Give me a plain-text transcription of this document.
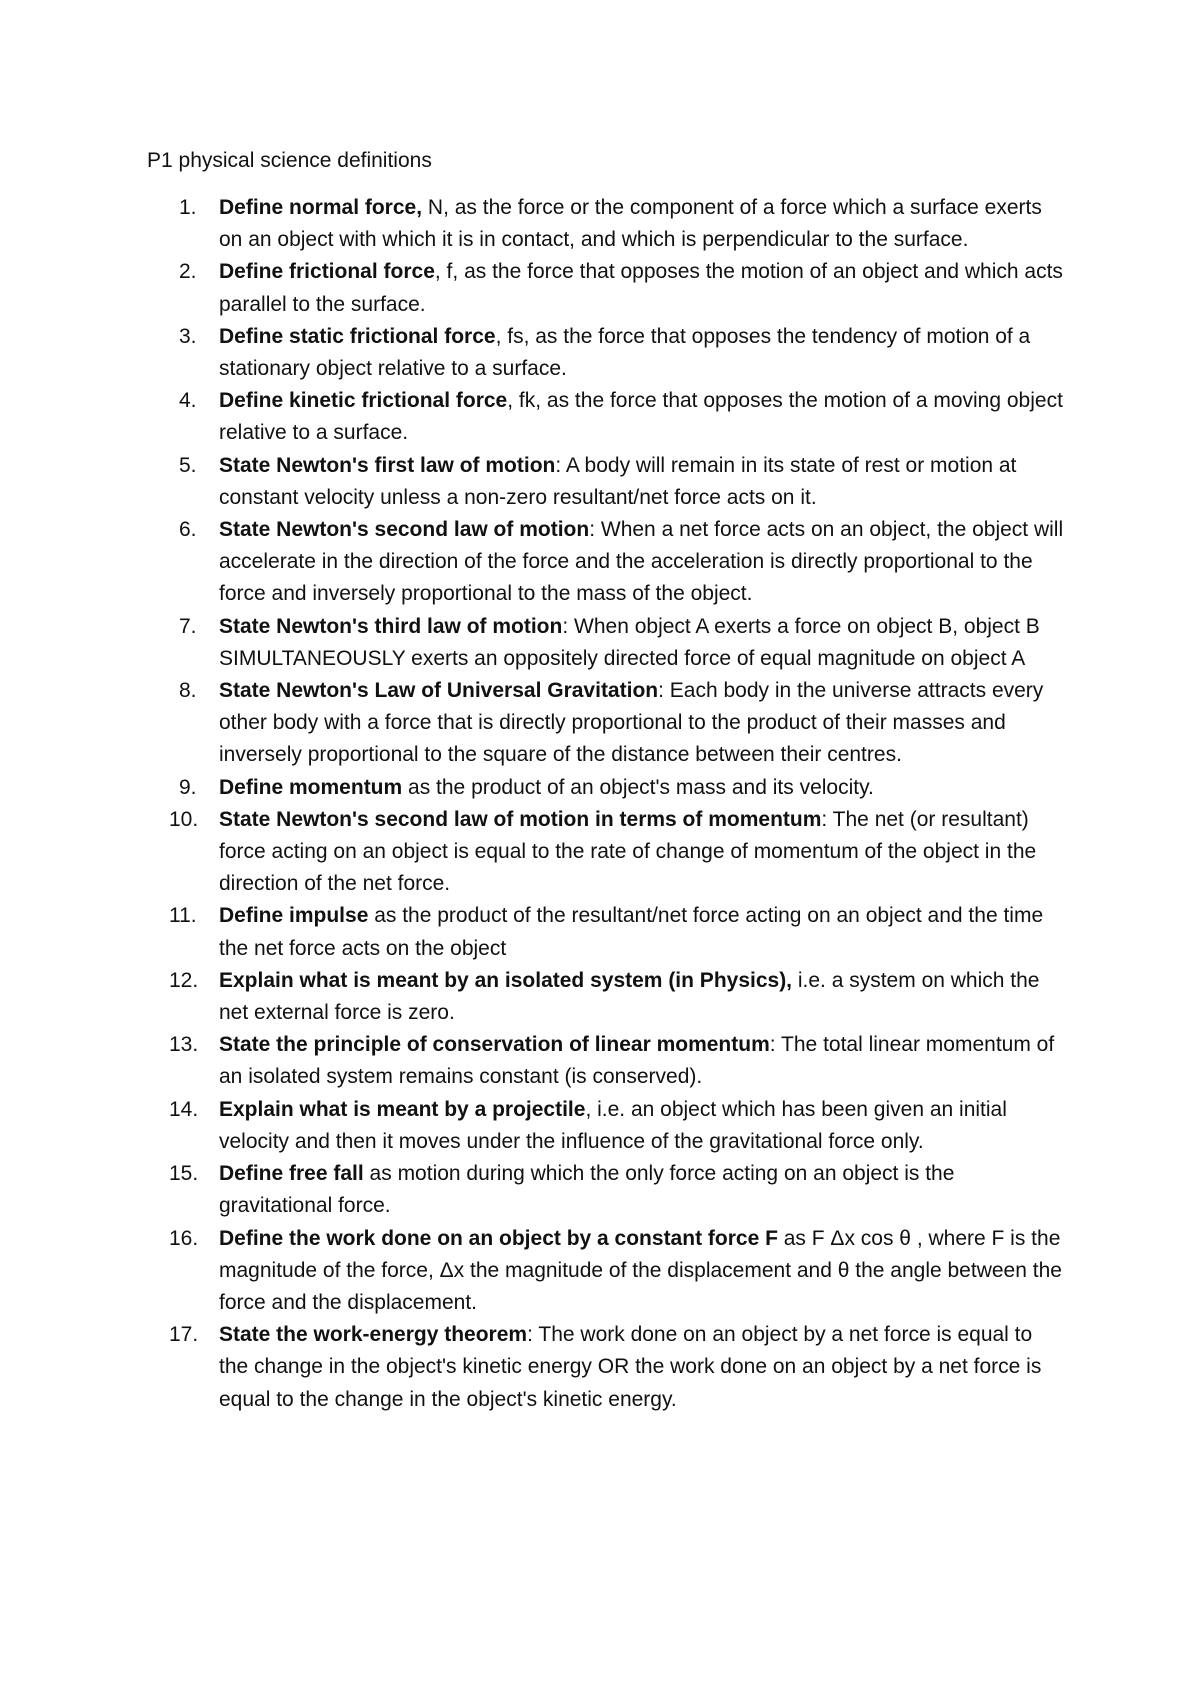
P1 physical science definitions
1.	Define normal force, N, as the force or the component of a force which a surface exerts on an object with which it is in contact, and which is perpendicular to the surface.
2.	Define frictional force, f, as the force that opposes the motion of an object and which acts parallel to the surface.
3.	Define static frictional force, fs, as the force that opposes the tendency of motion of a stationary object relative to a surface.
4.	Define kinetic frictional force, fk, as the force that opposes the motion of a moving object relative to a surface.
5.	State Newton's first law of motion: A body will remain in its state of rest or motion at constant velocity unless a non-zero resultant/net force acts on it.
6.	State Newton's second law of motion: When a net force acts on an object, the object will accelerate in the direction of the force and the acceleration is directly proportional to the force and inversely proportional to the mass of the object.
7.	State Newton's third law of motion: When object A exerts a force on object B, object B SIMULTANEOUSLY exerts an oppositely directed force of equal magnitude on object A
8.	State Newton's Law of Universal Gravitation: Each body in the universe attracts every other body with a force that is directly proportional to the product of their masses and inversely proportional to the square of the distance between their centres.
9.	Define momentum as the product of an object's mass and its velocity.
10. State Newton's second law of motion in terms of momentum: The net (or resultant) force acting on an object is equal to the rate of change of momentum of the object in the direction of the net force.
11.	Define impulse as the product of the resultant/net force acting on an object and the time the net force acts on the object
12. Explain what is meant by an isolated system (in Physics), i.e. a system on which the net external force is zero.
13. State the principle of conservation of linear momentum: The total linear momentum of an isolated system remains constant (is conserved).
14. Explain what is meant by a projectile, i.e. an object which has been given an initial velocity and then it moves under the influence of the gravitational force only.
15. Define free fall as motion during which the only force acting on an object is the gravitational force.
16. Define the work done on an object by a constant force F as F Δx cos θ , where F is the magnitude of the force, Δx the magnitude of the displacement and θ the angle between the force and the displacement.
17. State the work-energy theorem: The work done on an object by a net force is equal to the change in the object's kinetic energy OR the work done on an object by a net force is equal to the change in the object's kinetic energy.
